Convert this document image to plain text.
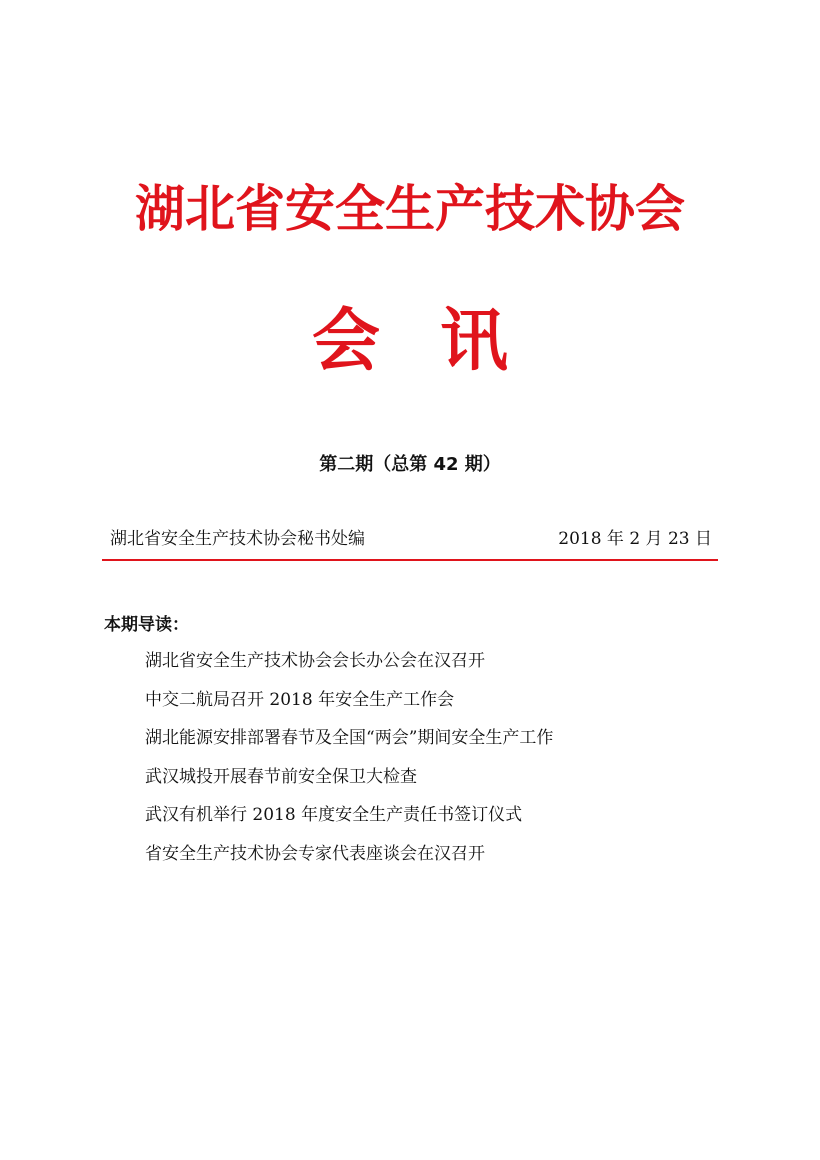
湖北省安全生产技术协会
会讯
第二期（总第 42 期）
湖北省安全生产技术协会秘书处编	2018 年 2 月 23 日
本期导读：
湖北省安全生产技术协会会长办公会在汉召开
中交二航局召开 2018 年安全生产工作会
湖北能源安排部署春节及全国“两会”期间安全生产工作
武汉城投开展春节前安全保卫大检查
武汉有机举行 2018 年度安全生产责任书签订仪式
省安全生产技术协会专家代表座谈会在汉召开
